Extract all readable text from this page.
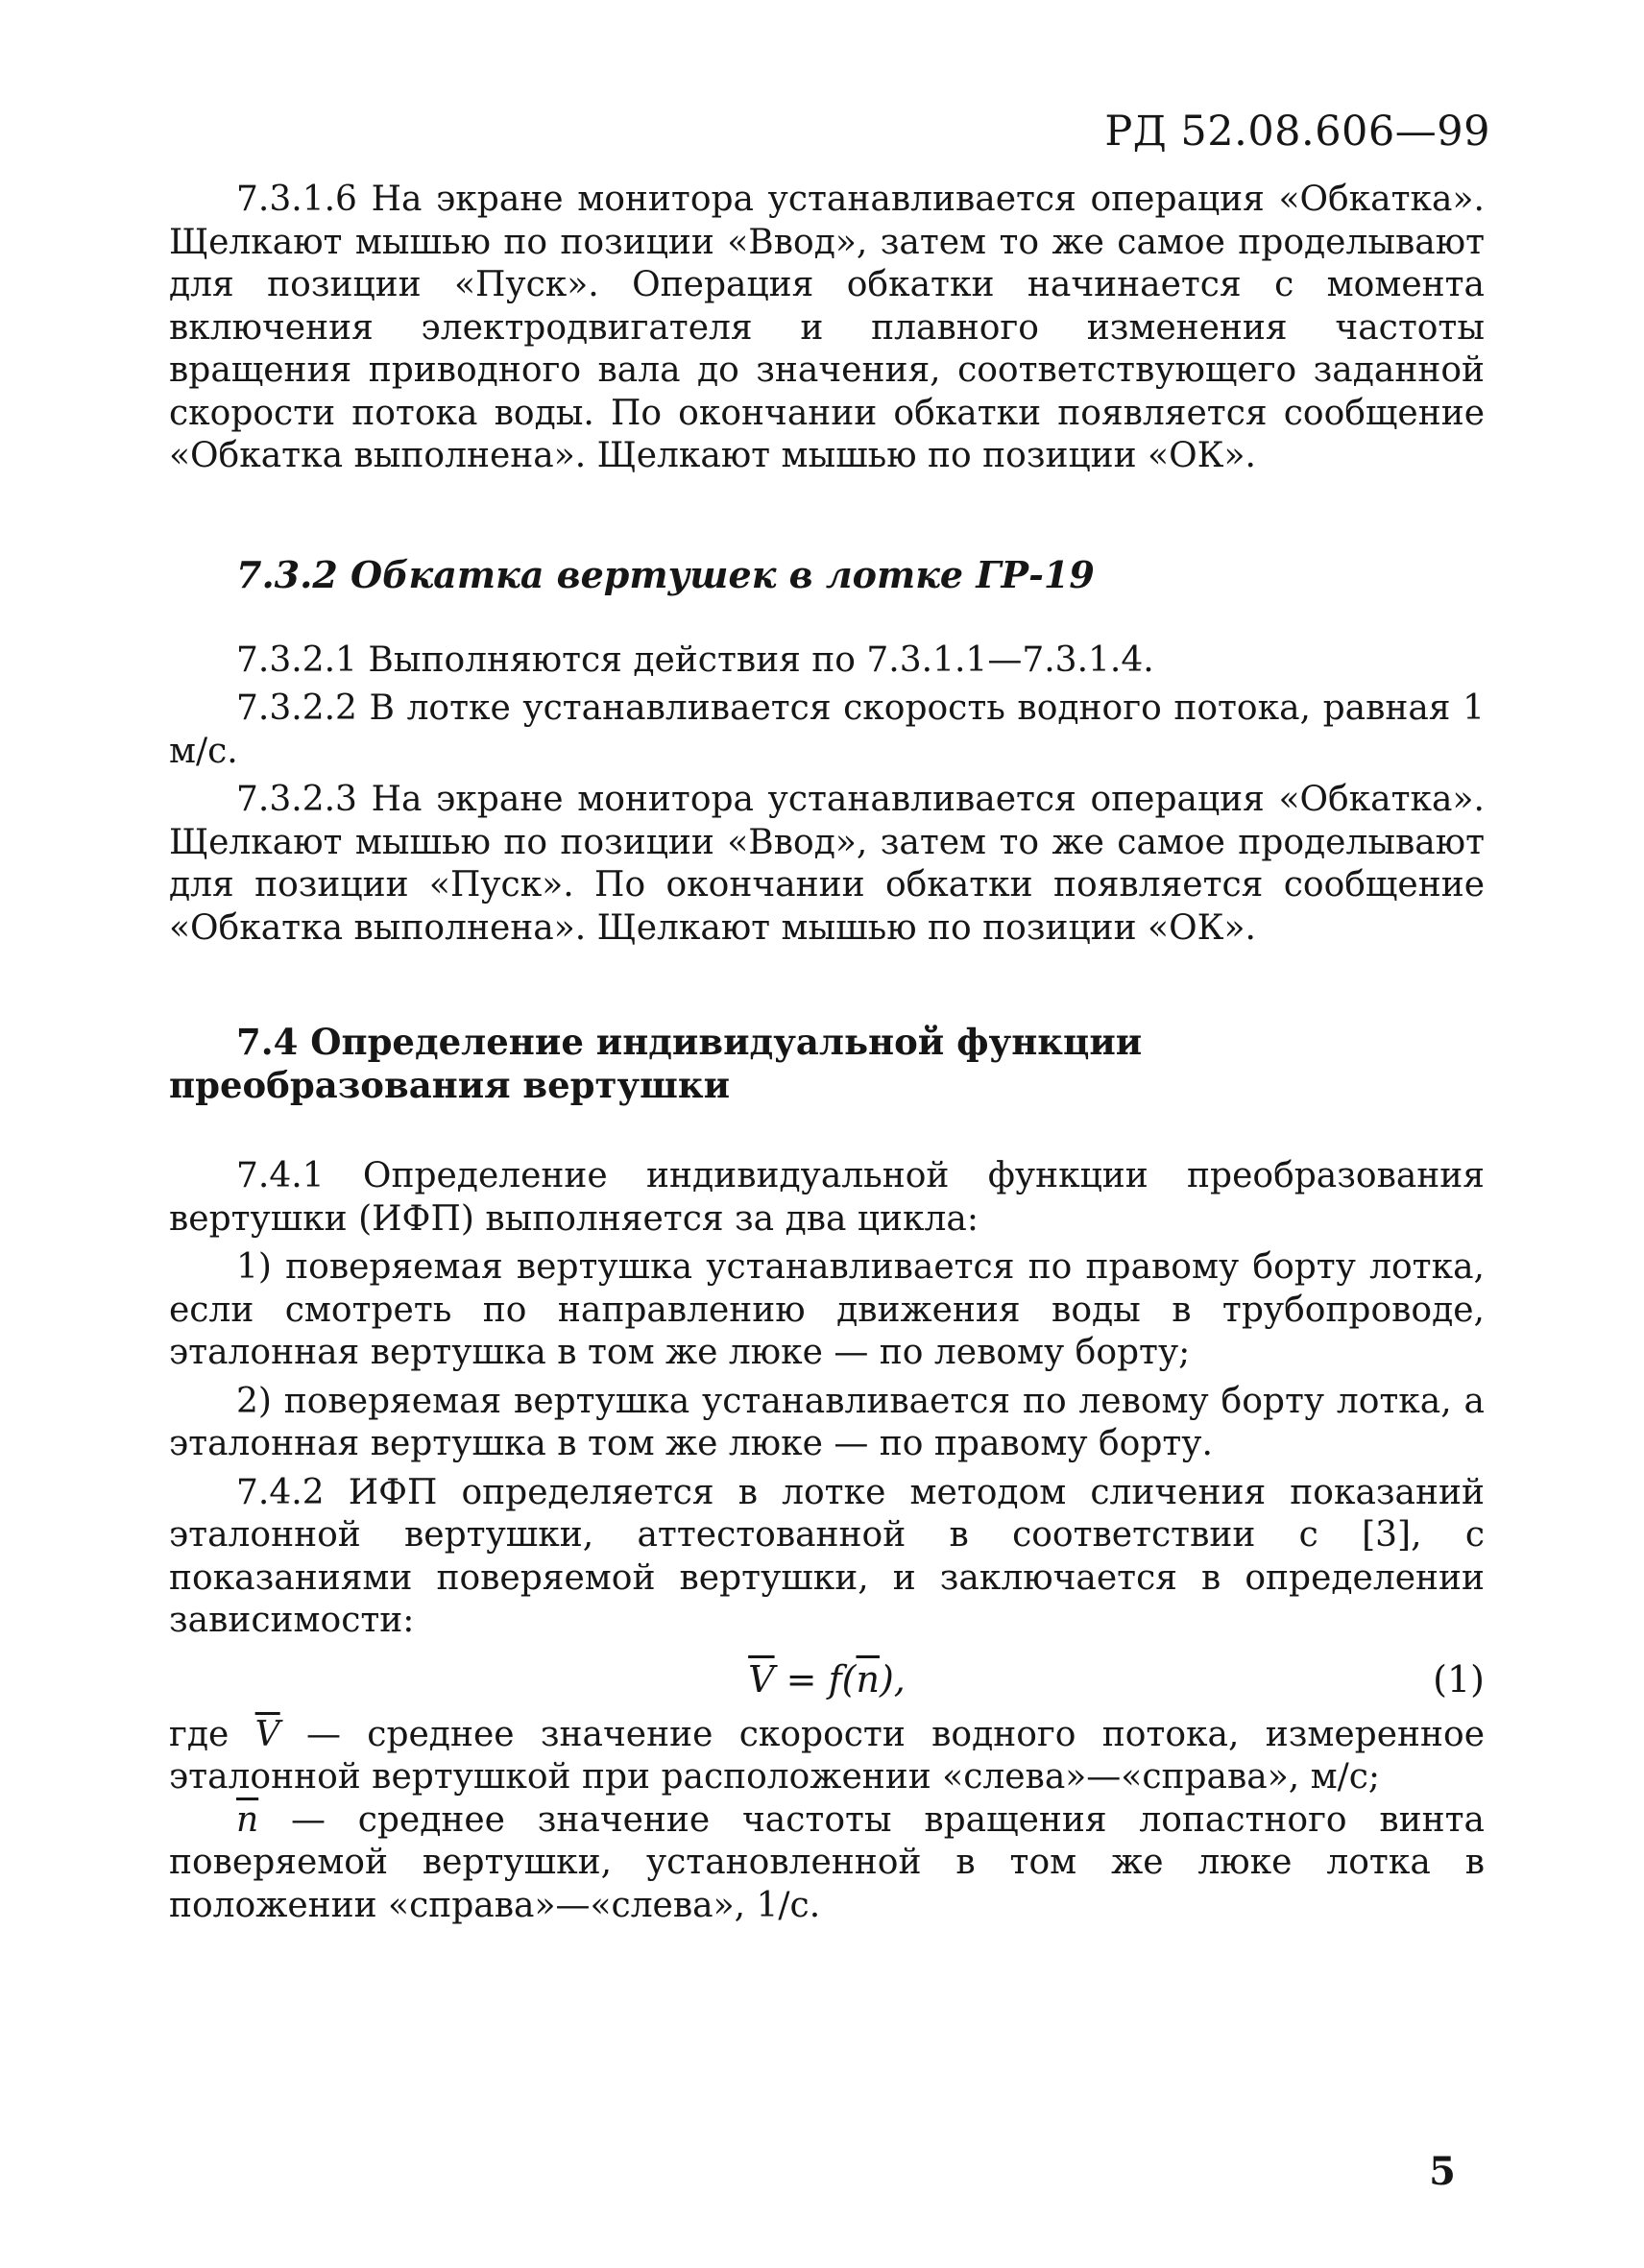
РД 52.08.606—99

7.3.1.6 На экране монитора устанавливается операция «Обкатка». Щелкают мышью по позиции «Ввод», затем то же самое проделывают для позиции «Пуск». Операция обкатки начинается с момента включения электродвигателя и плавного изменения частоты вращения приводного вала до значения, соответствующего заданной скорости потока воды. По окончании обкатки появляется сообщение «Обкатка выполнена». Щелкают мышью по позиции «ОК».

7.3.2 Обкатка вертушек в лотке ГР-19

7.3.2.1 Выполняются действия по 7.3.1.1—7.3.1.4.

7.3.2.2 В лотке устанавливается скорость водного потока, равная 1 м/с.

7.3.2.3 На экране монитора устанавливается операция «Обкатка». Щелкают мышью по позиции «Ввод», затем то же самое проделывают для позиции «Пуск». По окончании обкатки появляется сообщение «Обкатка выполнена». Щелкают мышью по позиции «ОК».

7.4 Определение индивидуальной функции преобразования вертушки

7.4.1 Определение индивидуальной функции преобразования вертушки (ИФП) выполняется за два цикла:

1) поверяемая вертушка устанавливается по правому борту лотка, если смотреть по направлению движения воды в трубопроводе, эталонная вертушка в том же люке — по левому борту;

2) поверяемая вертушка устанавливается по левому борту лотка, а эталонная вертушка в том же люке — по правому борту.

7.4.2 ИФП определяется в лотке методом сличения показаний эталонной вертушки, аттестованной в соответствии с [3], с показаниями поверяемой вертушки, и заключается в определении зависимости:

$\overline{V} = f(\overline{n})$,	(1)

где $\overline{V}$ — среднее значение скорости водного потока, измеренное эталонной вертушкой при расположении «слева»—«справа», м/с;

$\overline{n}$ — среднее значение частоты вращения лопастного винта поверяемой вертушки, установленной в том же люке лотка в положении «справа»—«слева», 1/с.

5
